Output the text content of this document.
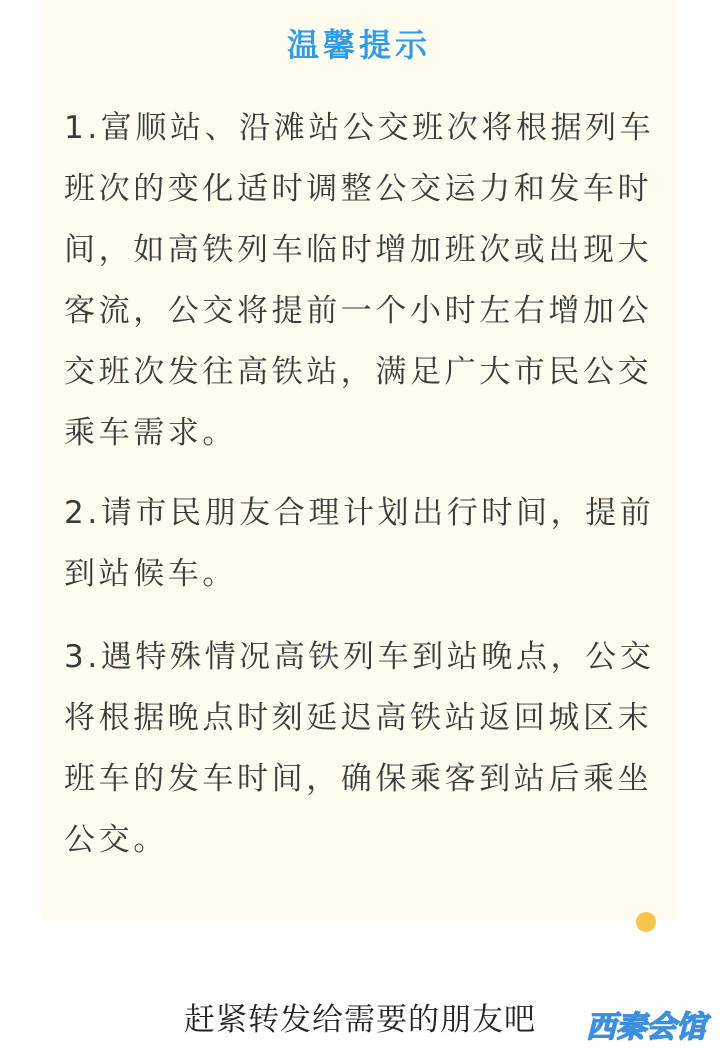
温馨提示

1.富顺站、沿滩站公交班次将根据列车班次的变化适时调整公交运力和发车时间，如高铁列车临时增加班次或出现大客流，公交将提前一个小时左右增加公交班次发往高铁站，满足广大市民公交乘车需求。

2.请市民朋友合理计划出行时间，提前到站候车。

3.遇特殊情况高铁列车到站晚点，公交将根据晚点时刻延迟高铁站返回城区末班车的发车时间，确保乘客到站后乘坐公交。

赶紧转发给需要的朋友吧	西秦会馆
